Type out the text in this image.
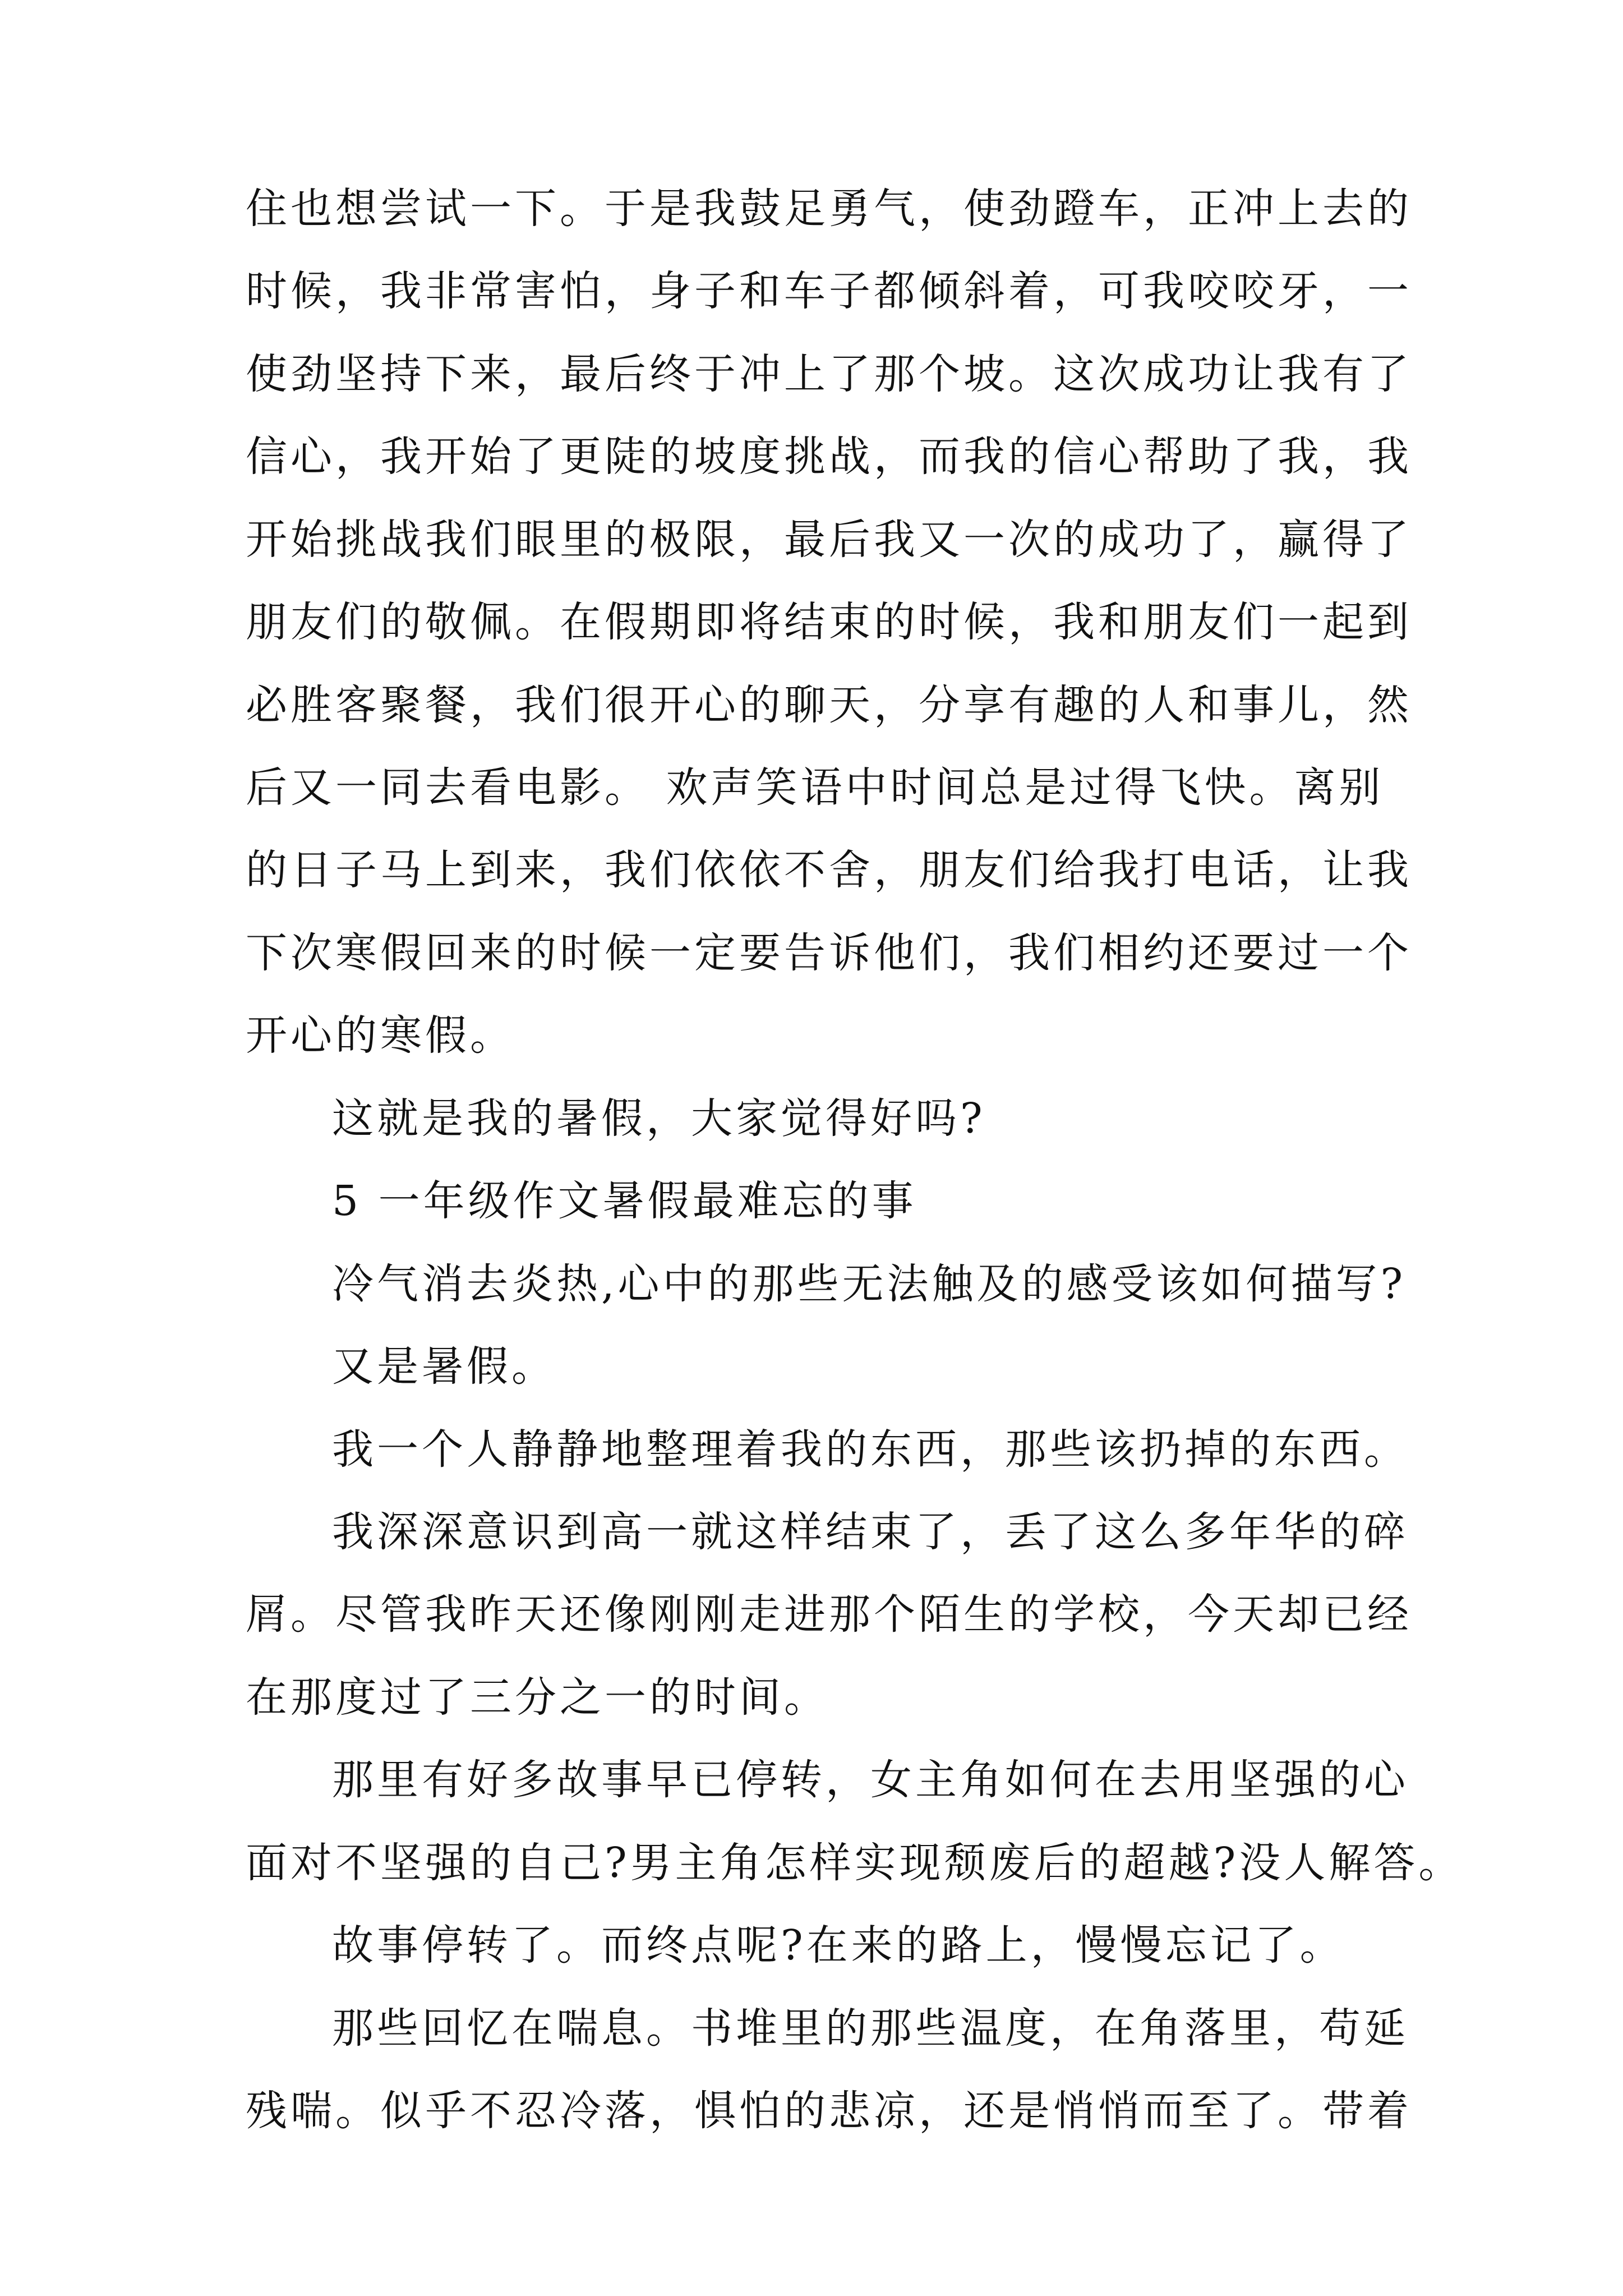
住也想尝试一下。于是我鼓足勇气，使劲蹬车，正冲上去的
时候，我非常害怕，身子和车子都倾斜着，可我咬咬牙，一
使劲坚持下来，最后终于冲上了那个坡。这次成功让我有了
信心，我开始了更陡的坡度挑战，而我的信心帮助了我，我
开始挑战我们眼里的极限，最后我又一次的成功了，赢得了
朋友们的敬佩。在假期即将结束的时候，我和朋友们一起到
必胜客聚餐，我们很开心的聊天，分享有趣的人和事儿，然
后又一同去看电影。 欢声笑语中时间总是过得飞快。离别
的日子马上到来，我们依依不舍，朋友们给我打电话，让我
下次寒假回来的时候一定要告诉他们，我们相约还要过一个
开心的寒假。
这就是我的暑假，大家觉得好吗?
5 一年级作文暑假最难忘的事
冷气消去炎热,心中的那些无法触及的感受该如何描写?
又是暑假。
我一个人静静地整理着我的东西，那些该扔掉的东西。
我深深意识到高一就这样结束了，丢了这么多年华的碎
屑。尽管我昨天还像刚刚走进那个陌生的学校，今天却已经
在那度过了三分之一的时间。
那里有好多故事早已停转，女主角如何在去用坚强的心
面对不坚强的自己?男主角怎样实现颓废后的超越?没人解答。
故事停转了。而终点呢?在来的路上，慢慢忘记了。
那些回忆在喘息。书堆里的那些温度，在角落里，苟延
残喘。似乎不忍冷落，惧怕的悲凉，还是悄悄而至了。带着
